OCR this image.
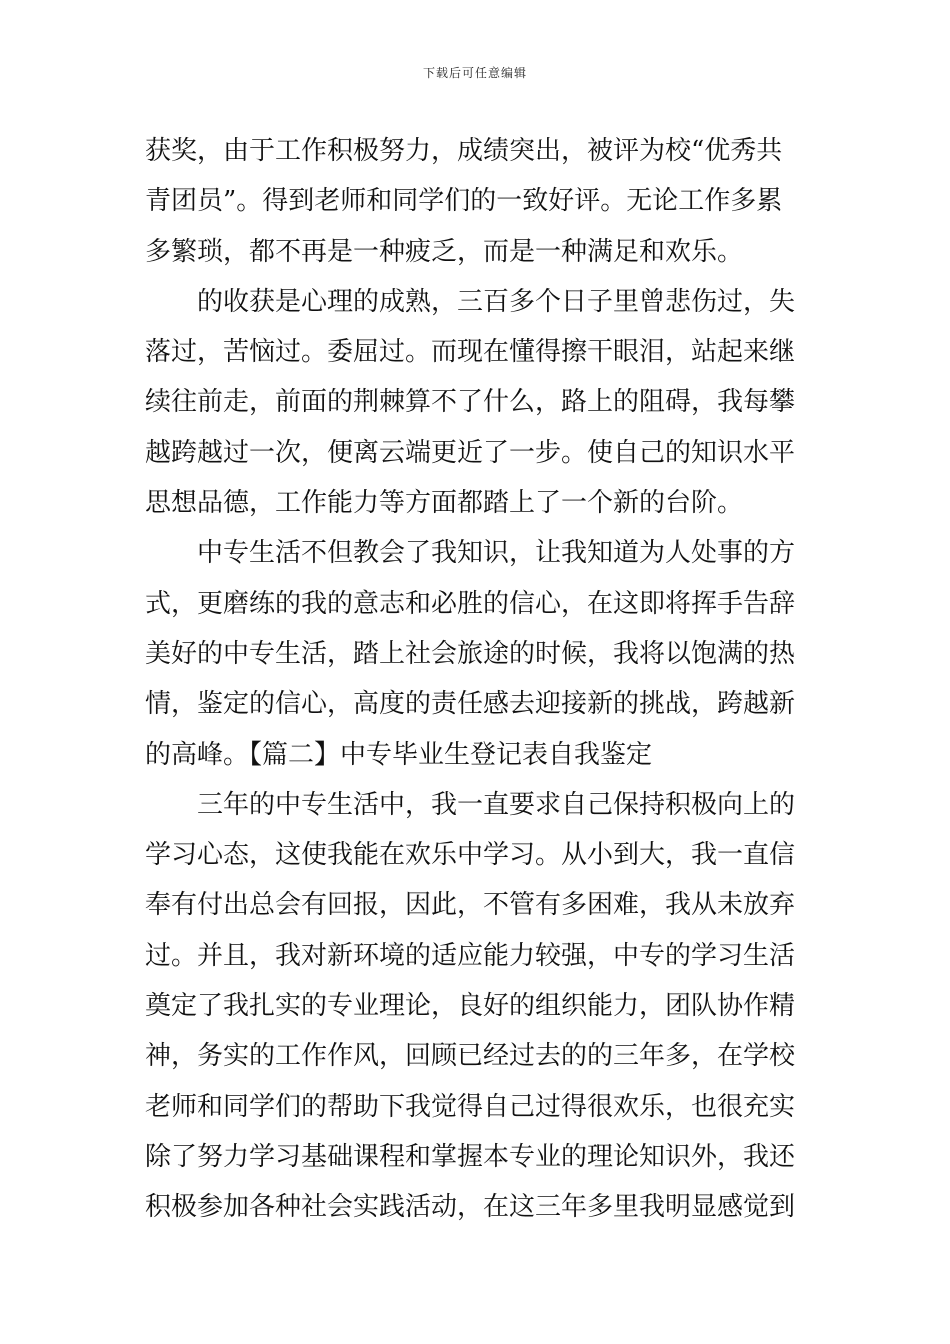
下载后可任意编辑
获奖，由于工作积极努力，成绩突出，被评为校“优秀共
青团员”。得到老师和同学们的一致好评。无论工作多累
多繁琐，都不再是一种疲乏，而是一种满足和欢乐。
的收获是心理的成熟，三百多个日子里曾悲伤过，失
落过，苦恼过。委屈过。而现在懂得擦干眼泪，站起来继
续往前走，前面的荆棘算不了什么，路上的阻碍，我每攀
越跨越过一次，便离云端更近了一步。使自己的知识水平
思想品德，工作能力等方面都踏上了一个新的台阶。
中专生活不但教会了我知识，让我知道为人处事的方
式，更磨练的我的意志和必胜的信心，在这即将挥手告辞
美好的中专生活，踏上社会旅途的时候，我将以饱满的热
情，鉴定的信心，高度的责任感去迎接新的挑战，跨越新
的高峰。【篇二】中专毕业生登记表自我鉴定
三年的中专生活中，我一直要求自己保持积极向上的
学习心态，这使我能在欢乐中学习。从小到大，我一直信
奉有付出总会有回报，因此，不管有多困难，我从未放弃
过。并且，我对新环境的适应能力较强，中专的学习生活
奠定了我扎实的专业理论，良好的组织能力，团队协作精
神，务实的工作作风，回顾已经过去的的三年多，在学校
老师和同学们的帮助下我觉得自己过得很欢乐，也很充实
除了努力学习基础课程和掌握本专业的理论知识外，我还
积极参加各种社会实践活动，在这三年多里我明显感觉到
